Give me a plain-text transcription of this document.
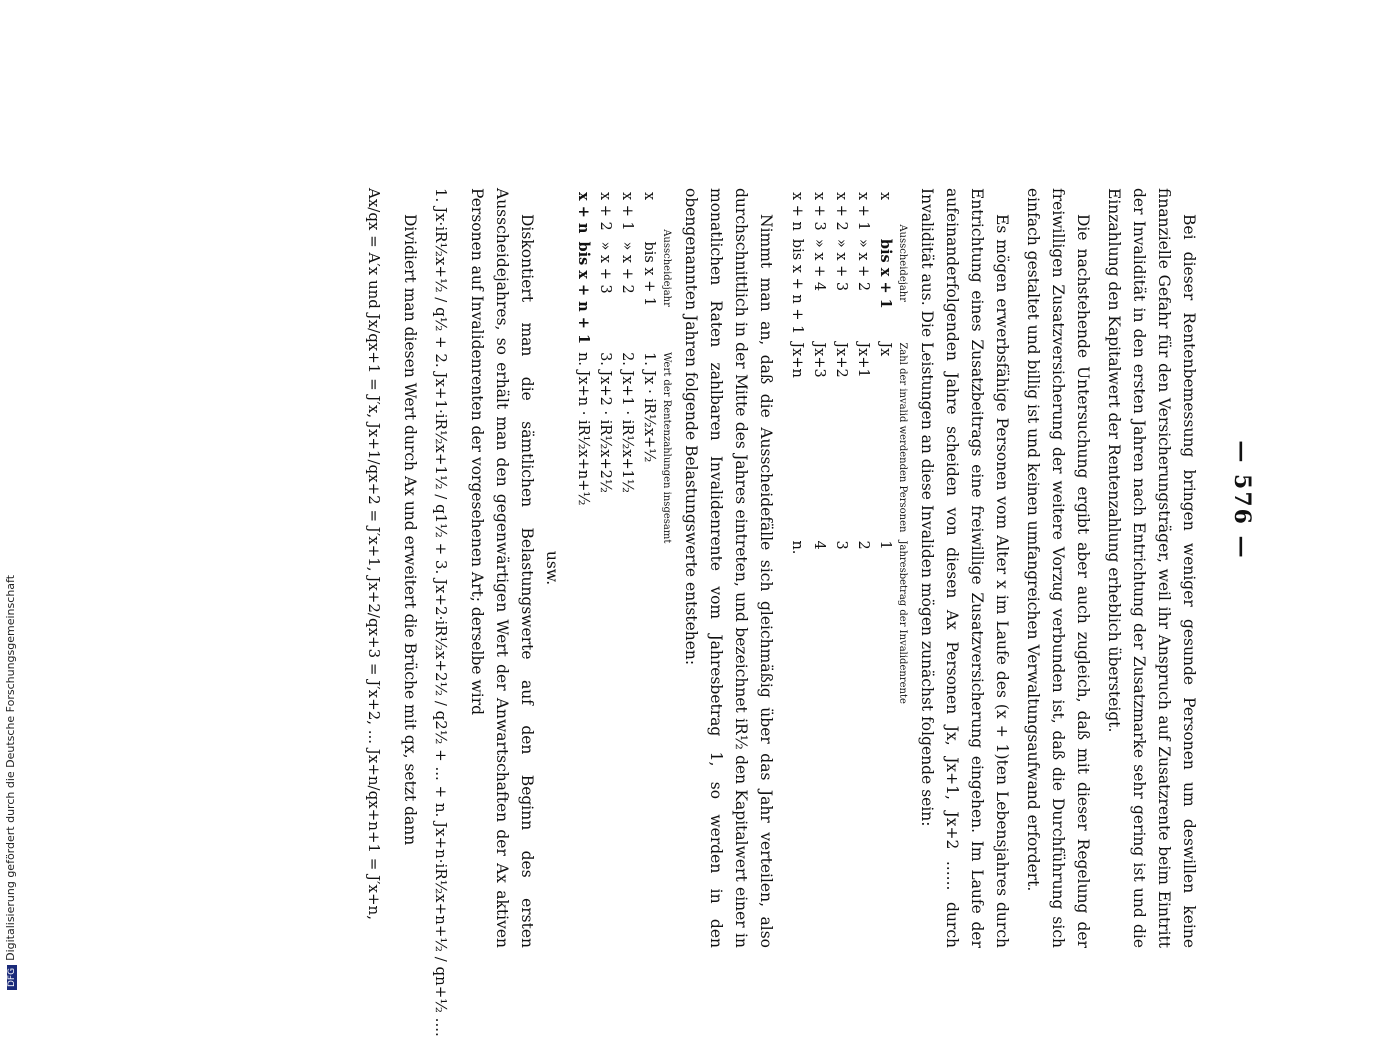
— 576 —

Bei dieser Rentenbemessung bringen weniger gesunde Personen um deswillen keine finanzielle Gefahr für den Versicherungsträger, weil ihr Anspruch auf Zusatzrente beim Eintritt der Invalidität in den ersten Jahren nach Entrichtung der Zusatzmarke sehr gering ist und die Einzahlung den Kapitalwert der Rentenzahlung erheblich übersteigt.

Die nachstehende Untersuchung ergibt aber auch zugleich, daß mit dieser Regelung der freiwilligen Zusatzversicherung der weitere Vorzug verbunden ist, daß die Durchführung sich einfach gestaltet und billig ist und keinen umfangreichen Verwaltungsaufwand erfordert.

Es mögen erwerbsfähige Personen vom Alter x im Laufe des (x + 1)ten Lebensjahres durch Entrichtung eines Zusatzbeitrags eine freiwillige Zusatzversicherung eingehen. Im Laufe der aufeinanderfolgenden Jahre scheiden von diesen Ax Personen Jx, Jx+1, Jx+2 ...... durch Invalidität aus. Die Leistungen an diese Invaliden mögen zunächst folgende sein:

Ausscheidejahr		Zahl der invalid werdenden Personen	Jahresbetrag der Invalidenrente
x	bis x + 1	Jx	1
x + 1	» x + 2	Jx+1	2
x + 2	» x + 3	Jx+2	3
x + 3	» x + 4	Jx+3	4
x + n	bis x + n + 1	Jx+n	n.

Nimmt man an, daß die Ausscheidefälle sich gleichmäßig über das Jahr verteilen, also durchschnittlich in der Mitte des Jahres eintreten, und bezeichnet iR½ den Kapitalwert einer in monatlichen Raten zahlbaren Invalidenrente vom Jahresbetrag 1, so werden in den obengenannten Jahren folgende Belastungswerte entstehen:

Ausscheidejahr		Wert der Rentenzahlungen insgesamt
x	bis x + 1	1. Jx · iR½x+½
x + 1	» x + 2	2. Jx+1 · iR½x+1½
x + 2	» x + 3	3. Jx+2 · iR½x+2½
x + n	bis x + n + 1	n. Jx+n · iR½x+n+½
usw.

Diskontiert man die sämtlichen Belastungswerte auf den Beginn des ersten Ausscheidejahres, so erhält man den gegenwärtigen Wert der Anwartschaften der Ax aktiven Personen auf Invalidenrenten der vorgesehenen Art; derselbe wird

1. Jx·iR½x+½ / q½ + 2. Jx+1·iR½x+1½ / q1½ + 3. Jx+2·iR½x+2½ / q2½ + ... + n. Jx+n·iR½x+n+½ / qn+½ ....

Dividiert man diesen Wert durch Ax und erweitert die Brüche mit qx, setzt dann

Ax/qx = A′x und Jx/qx+1 = J′x, Jx+1/qx+2 = J′x+1, Jx+2/qx+3 = J′x+2, ... Jx+n/qx+n+1 = J′x+n,
DFGDigitalisierung gefördert durch die Deutsche Forschungsgemeinschaft
